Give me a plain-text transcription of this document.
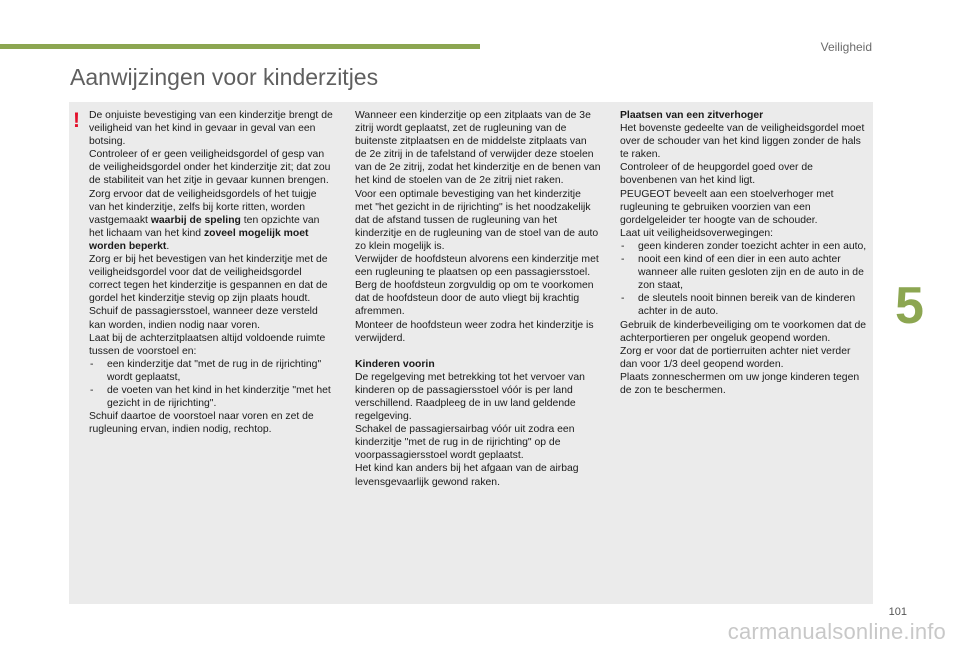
Veiligheid
Aanwijzingen voor kinderzitjes
! De onjuiste bevestiging van een kinderzitje brengt de veiligheid van het kind in gevaar in geval van een botsing.

Controleer of er geen veiligheidsgordel of gesp van de veiligheidsgordel onder het kinderzitje zit; dat zou de stabiliteit van het zitje in gevaar kunnen brengen.

Zorg ervoor dat de veiligheidsgordels of het tuigje van het kinderzitje, zelfs bij korte ritten, worden vastgemaakt waarbij de speling ten opzichte van het lichaam van het kind zoveel mogelijk moet worden beperkt.

Zorg er bij het bevestigen van het kinderzitje met de veiligheidsgordel voor dat de veiligheidsgordel correct tegen het kinderzitje is gespannen en dat de gordel het kinderzitje stevig op zijn plaats houdt. Schuif de passagiersstoel, wanneer deze versteld kan worden, indien nodig naar voren.

Laat bij de achterzitplaatsen altijd voldoende ruimte tussen de voorstoel en:

- een kinderzitje dat "met de rug in de rijrichting" wordt geplaatst,
- de voeten van het kind in het kinderzitje "met het gezicht in de rijrichting".

Schuif daartoe de voorstoel naar voren en zet de rugleuning ervan, indien nodig, rechtop.

Wanneer een kinderzitje op een zitplaats van de 3e zitrij wordt geplaatst, zet de rugleuning van de buitenste zitplaatsen en de middelste zitplaats van de 2e zitrij in de tafelstand of verwijder deze stoelen van de 2e zitrij, zodat het kinderzitje en de benen van het kind de stoelen van de 2e zitrij niet raken.

Voor een optimale bevestiging van het kinderzitje met "het gezicht in de rijrichting" is het noodzakelijk dat de afstand tussen de rugleuning van het kinderzitje en de rugleuning van de stoel van de auto zo klein mogelijk is.

Verwijder de hoofdsteun alvorens een kinderzitje met een rugleuning te plaatsen op een passagiersstoel.

Berg de hoofdsteun zorgvuldig op om te voorkomen dat de hoofdsteun door de auto vliegt bij krachtig afremmen.

Monteer de hoofdsteun weer zodra het kinderzitje is verwijderd.

Kinderen voorin

De regelgeving met betrekking tot het vervoer van kinderen op de passagiersstoel vóór is per land verschillend. Raadpleeg de in uw land geldende regelgeving.

Schakel de passagiersairbag vóór uit zodra een kinderzitje "met de rug in de rijrichting" op de voorpassagiersstoel wordt geplaatst.

Het kind kan anders bij het afgaan van de airbag levensgevaarlijk gewond raken.

Plaatsen van een zitverhoger

Het bovenste gedeelte van de veiligheidsgordel moet over de schouder van het kind liggen zonder de hals te raken.

Controleer of de heupgordel goed over de bovenbenen van het kind ligt.

PEUGEOT beveelt aan een stoelverhoger met rugleuning te gebruiken voorzien van een gordelgeleider ter hoogte van de schouder.

Laat uit veiligheidsoverwegingen:

- geen kinderen zonder toezicht achter in een auto,
- nooit een kind of een dier in een auto achter wanneer alle ruiten gesloten zijn en de auto in de zon staat,
- de sleutels nooit binnen bereik van de kinderen achter in de auto.

Gebruik de kinderbeveiliging om te voorkomen dat de achterportieren per ongeluk geopend worden.

Zorg er voor dat de portierruiten achter niet verder dan voor 1/3 deel geopend worden.

Plaats zonneschermen om uw jonge kinderen tegen de zon te beschermen.

5
101
carmanualsonline.info
